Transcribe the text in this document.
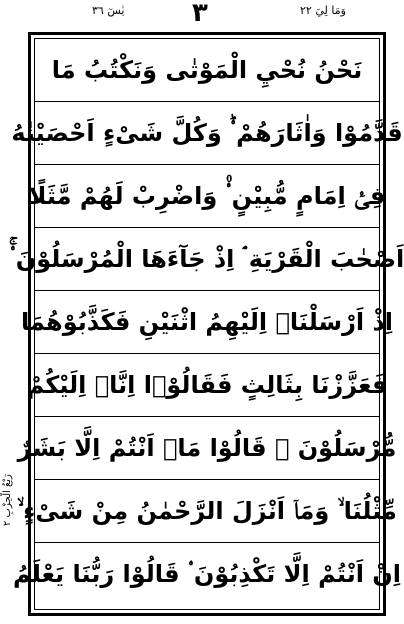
يٰسٓ ٣٦	٣	وَمَا لِيَ ٢٢
رَبْعُ الْحِزْبِ ٢
نَحْنُ نُحْيِ الْمَوْتٰى وَنَكْتُبُ مَا
قَدَّمُوْا وَاٰثَارَهُمْ ۟ؕ وَكُلَّ شَیْءٍ اَحْصَيْنٰهُ
فِیْۤ اِمَامٍ مُّبِیْنٍ ۟۠ وَاضْرِبْ لَهُمْ مَّثَلًا
اَصْحٰبَ الْقَرْيَةِ ۘ اِذْ جَآءَهَا الْمُرْسَلُوْنَ ۟ۚ
اِذْ اَرْسَلْنَاۤ اِلَيْهِمُ اثْنَيْنِ فَكَذَّبُوْهُمَا
فَعَزَّزْنَا بِثَالِثٍ فَقَالُوْۤا اِنَّاۤ اِلَيْكُمْ
مُّرْسَلُوْنَ ۟ قَالُوْا مَاۤ اَنْتُمْ اِلَّا بَشَرٌ
مِّثْلُنَا ۙ وَمَاۤ اَنْزَلَ الرَّحْمٰنُ مِنْ شَیْءٍ ۙ
اِنْ اَنْتُمْ اِلَّا تَكْذِبُوْنَ ۟ قَالُوْا رَبُّنَا يَعْلَمُ
